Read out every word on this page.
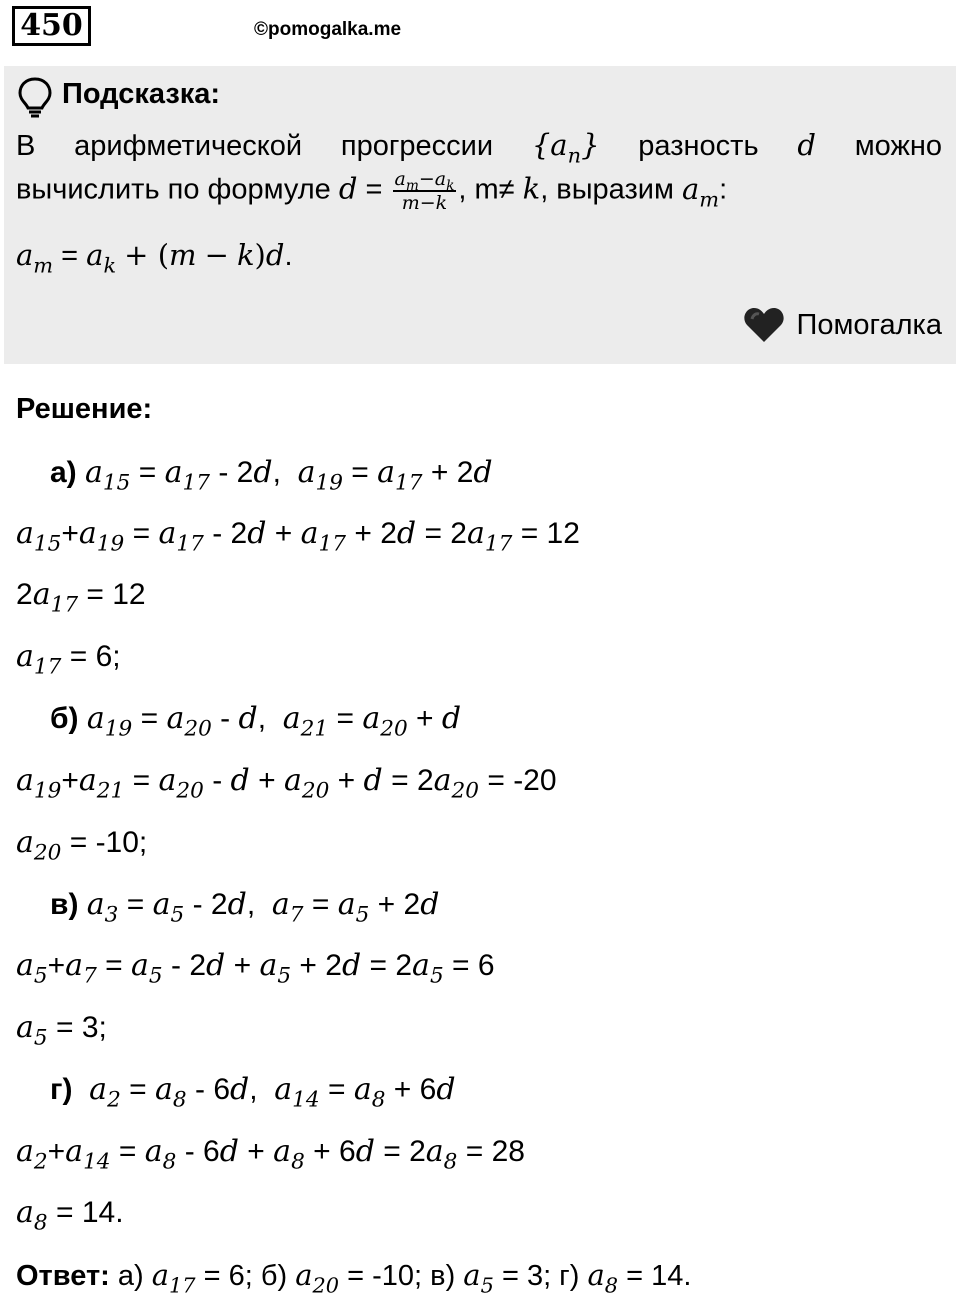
450	©pomogalka.me
Подсказка:
В арифметической прогрессии $\{a_n\}$ разность d можно
вычислить по формуле $d = \frac{a_m-a_k}{m-k}$ , m≠ k, выразим $a_m$:
$a_m = a_k + (m - k)d$.
Помогалка
Решение:
а) $a_{15} = a_{17} - 2d$,  $a_{19} = a_{17} + 2d$
$a_{15}+a_{19} = a_{17} - 2d + a_{17} + 2d = 2a_{17} = 12$
$2a_{17} = 12$
$a_{17} = 6$;
б) $a_{19} = a_{20} - d$,  $a_{21} = a_{20} + d$
$a_{19}+a_{21} = a_{20} - d + a_{20} + d = 2a_{20} = -20$
$a_{20} = -10$;
в) $a_3 = a_5 - 2d$,  $a_7 = a_5 + 2d$
$a_5+a_7 = a_5 - 2d + a_5 + 2d = 2a_5 = 6$
$a_5 = 3$;
г) $a_2 = a_8 - 6d$,  $a_{14} = a_8 + 6d$
$a_2+a_{14} = a_8 - 6d + a_8 + 6d = 2a_8 = 28$
$a_8 = 14$.
Ответ: а) $a_{17} = 6$; б) $a_{20} = -10$; в) $a_5 = 3$; г) $a_8 = 14$.
